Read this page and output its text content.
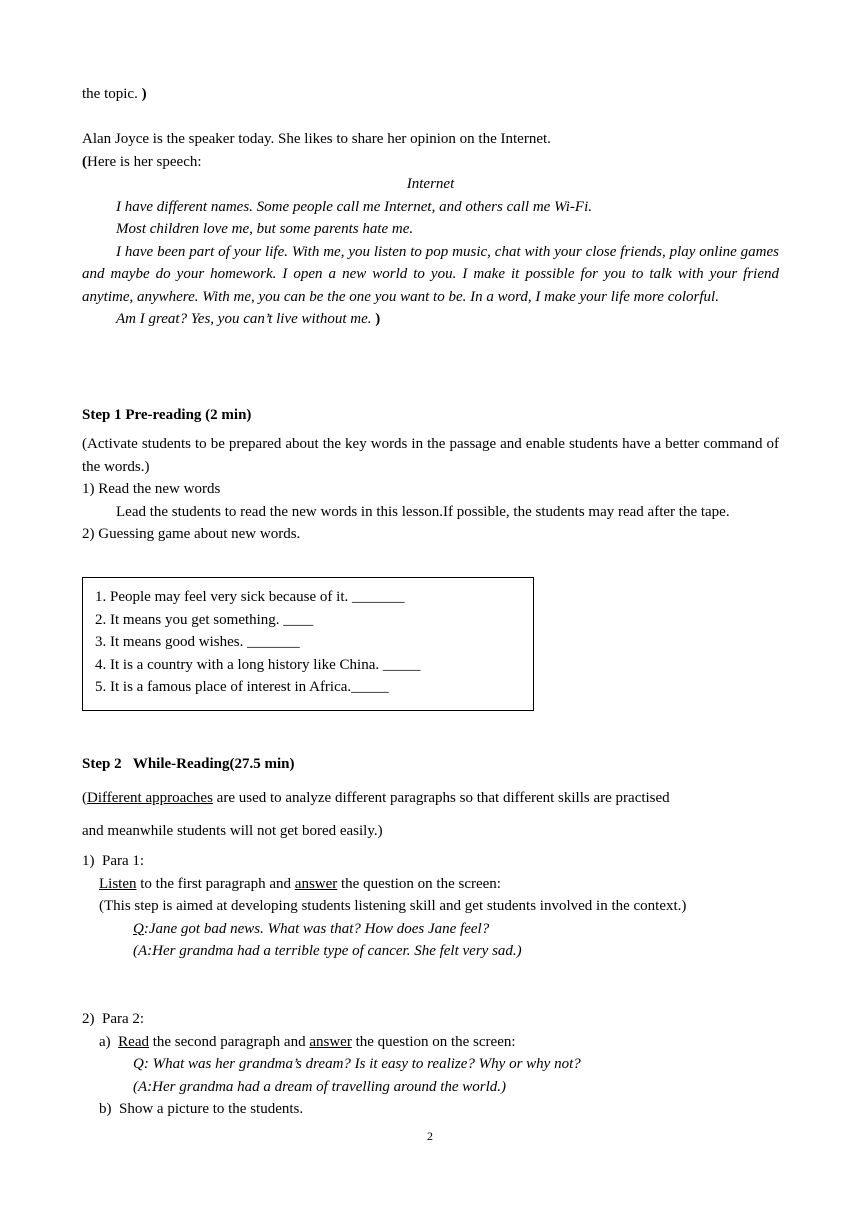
the topic. )

Alan Joyce is the speaker today. She likes to share her opinion on the Internet.

(Here is her speech:

Internet

I have different names. Some people call me Internet, and others call me Wi-Fi.

Most children love me, but some parents hate me.

I have been part of your life. With me, you listen to pop music, chat with your close friends, play online games and maybe do your homework. I open a new world to you. I make it possible for you to talk with your friend anytime, anywhere. With me, you can be the one you want to be. In a word, I make your life more colorful.

Am I great? Yes, you can’t live without me. )

Step 1 Pre-reading (2 min)

(Activate students to be prepared about the key words in the passage and enable students have a better command of the words.)

1) Read the new words

Lead the students to read the new words in this lesson.If possible, the students may read after the tape.

2) Guessing game about new words.

1. People may feel very sick because of it. _______

2. It means you get something. ____

3. It means good wishes. _______

4. It is a country with a long history like China. _____

5. It is a famous place of interest in Africa._____

Step 2   While-Reading(27.5 min)

(Different approaches are used to analyze different paragraphs so that different skills are practised

and meanwhile students will not get bored easily.)

1)  Para 1:

Listen to the first paragraph and answer the question on the screen:

(This step is aimed at developing students listening skill and get students involved in the context.)

Q:Jane got bad news. What was that? How does Jane feel?

(A:Her grandma had a terrible type of cancer. She felt very sad.)

2)  Para 2:

a)  Read the second paragraph and answer the question on the screen:

Q: What was her grandma’s dream? Is it easy to realize? Why or why not?

(A:Her grandma had a dream of travelling around the world.)

b)  Show a picture to the students.

2
